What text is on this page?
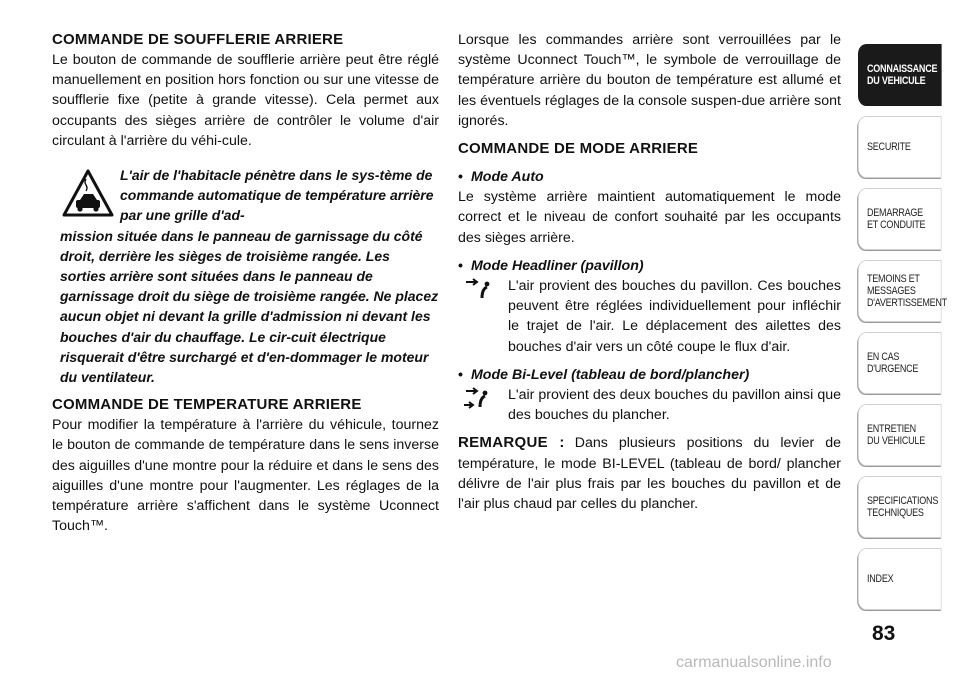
COMMANDE DE SOUFFLERIE ARRIERE

Le bouton de commande de soufflerie arrière peut être réglé manuellement en position hors fonction ou sur une vitesse de soufflerie fixe (petite à grande vitesse). Cela permet aux occupants des sièges arrière de contrôler le volume d'air circulant à l'arrière du véhi-cule.

L'air de l'habitacle pénètre dans le sys-tème de commande automatique de température arrière par une grille d'ad-
mission située dans le panneau de garnissage du côté droit, derrière les sièges de troisième rangée. Les sorties arrière sont situées dans le panneau de garnissage droit du siège de troisième rangée. Ne placez aucun objet ni devant la grille d'admission ni devant les bouches d'air du chauffage. Le cir-cuit électrique risquerait d'être surchargé et d'en-dommager le moteur du ventilateur.
COMMANDE DE TEMPERATURE ARRIERE

Pour modifier la température à l'arrière du véhicule, tournez le bouton de commande de température dans le sens inverse des aiguilles d'une montre pour la réduire et dans le sens des aiguilles d'une montre pour l'augmenter. Les réglages de la température arrière s'affichent dans le système Uconnect Touch™.

Lorsque les commandes arrière sont verrouillées par le système Uconnect Touch™, le symbole de verrouillage de température arrière du bouton de température est allumé et les éventuels réglages de la console suspen-due arrière sont ignorés.

COMMANDE DE MODE ARRIERE
• Mode Auto

Le système arrière maintient automatiquement le mode correct et le niveau de confort souhaité par les occupants des sièges arrière.

• Mode Headliner (pavillon)

L'air provient des bouches du pavillon. Ces bouches peuvent être réglées individuellement pour infléchir le trajet de l'air. Le déplacement des ailettes des bouches d'air vers un côté coupe le flux d'air.

• Mode Bi-Level (tableau de bord/plancher)

L'air provient des deux bouches du pavillon ainsi que des bouches du plancher.

REMARQUE : Dans plusieurs positions du levier de température, le mode BI-LEVEL (tableau de bord/ plancher délivre de l'air plus frais par les bouches du pavillon et de l'air plus chaud par celles du plancher.

CONNAISSANCE
DU VEHICULE
SECURITE
DEMARRAGE
ET CONDUITE
TEMOINS ET
MESSAGES
D'AVERTISSEMENT
EN CAS
D'URGENCE
ENTRETIEN
DU VEHICULE
SPECIFICATIONS
TECHNIQUES
INDEX
83
carmanualsonline.info
